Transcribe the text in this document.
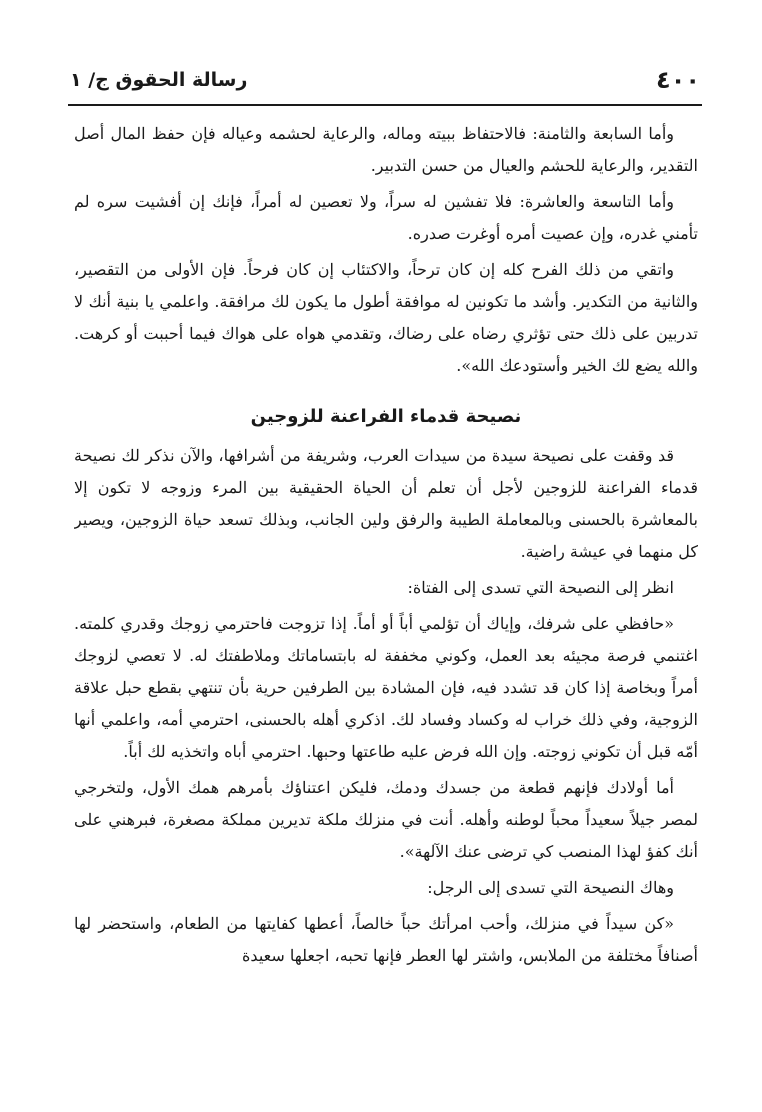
٤٠٠
رسالة الحقوق ج/ ١

وأما السابعة والثامنة: فالاحتفاظ ببيته وماله، والرعاية لحشمه وعياله فإن حفظ المال أصل التقدير، والرعاية للحشم والعيال من حسن التدبير.

وأما التاسعة والعاشرة: فلا تفشين له سراً، ولا تعصين له أمراً، فإنك إن أفشيت سره لم تأمني غدره، وإن عصيت أمره أوغرت صدره.

واتقي من ذلك الفرح كله إن كان ترحاً، والاكتئاب إن كان فرحاً. فإن الأولى من التقصير، والثانية من التكدير. وأشد ما تكونين له موافقة أطول ما يكون لك مرافقة. واعلمي يا بنية أنك لا تدربين على ذلك حتى تؤثري رضاه على رضاك، وتقدمي هواه على هواك فيما أحببت أو كرهت. والله يضع لك الخير وأستودعك الله».

نصيحة قدماء الفراعنة للزوجين

قد وقفت على نصيحة سيدة من سيدات العرب، وشريفة من أشرافها، والآن نذكر لك نصيحة قدماء الفراعنة للزوجين لأجل أن تعلم أن الحياة الحقيقية بين المرء وزوجه لا تكون إلا بالمعاشرة بالحسنى وبالمعاملة الطيبة والرفق ولين الجانب، وبذلك تسعد حياة الزوجين، ويصير كل منهما في عيشة راضية.

انظر إلى النصيحة التي تسدى إلى الفتاة:

«حافظي على شرفك، وإياك أن تؤلمي أباً أو أماً. إذا تزوجت فاحترمي زوجك وقدري كلمته. اغتنمي فرصة مجيئه بعد العمل، وكوني مخففة له بابتساماتك وملاطفتك له. لا تعصي لزوجك أمراً وبخاصة إذا كان قد تشدد فيه، فإن المشادة بين الطرفين حرية بأن تنتهي بقطع حبل علاقة الزوجية، وفي ذلك خراب له وكساد وفساد لك. اذكري أهله بالحسنى، احترمي أمه، واعلمي أنها أمّه قبل أن تكوني زوجته. وإن الله فرض عليه طاعتها وحبها. احترمي أباه واتخذيه لك أباً.

أما أولادك فإنهم قطعة من جسدك ودمك، فليكن اعتناؤك بأمرهم همك الأول، ولتخرجي لمصر جيلاً سعيداً محباً لوطنه وأهله. أنت في منزلك ملكة تديرين مملكة مصغرة، فبرهني على أنك كفؤ لهذا المنصب كي ترضى عنك الآلهة».

وهاك النصيحة التي تسدى إلى الرجل:

«كن سيداً في منزلك، وأحب امرأتك حباً خالصاً، أعطها كفايتها من الطعام، واستحضر لها أصنافاً مختلفة من الملابس، واشتر لها العطر فإنها تحبه، اجعلها سعيدة
